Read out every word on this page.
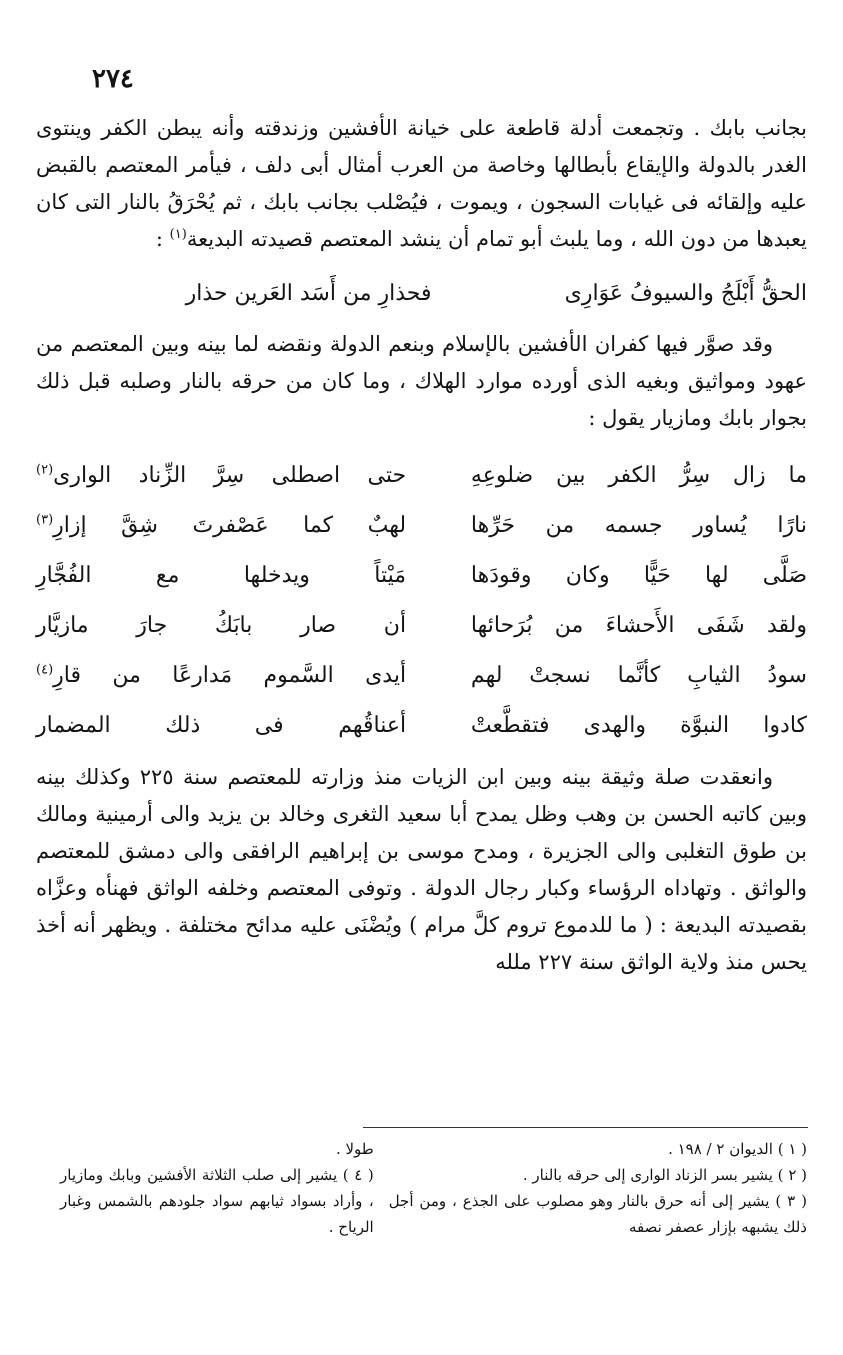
٢٧٤

بجانب بابك . وتجمعت أدلة قاطعة على خيانة الأفشين وزندقته وأنه يبطن الكفر وينتوى الغدر بالدولة والإيقاع بأبطالها وخاصة من العرب أمثال أبى دلف ، فيأمر المعتصم بالقبض عليه وإلقائه فى غيابات السجون ، ويموت ، فيُصْلب بجانب بابك ، ثم يُحْرَقُ بالنار التى كان يعبدها من دون الله ، وما يلبث أبو تمام أن ينشد المعتصم قصيدته البديعة$^{(١)}$ :

الحقُّ أَبْلَجُ والسيوفُ عَوَارِى
فحذارِ من أَسَد العَرين حذار

وقد صوَّر فيها كفران الأفشين بالإسلام وبنعم الدولة ونقضه لما بينه وبين المعتصم من عهود ومواثيق وبغيه الذى أورده موارد الهلاك ، وما كان من حرقه بالنار وصلبه قبل ذلك بجوار بابك ومازيار يقول :

ما زال سِرُّ الكفر بين ضلوعِهِ
حتى اصطلى سِرَّ الزِّناد الوارى$^{(٢)}$
نارًا يُساور جسمه من حَرِّها
لهبٌ كما عَصْفرتَ شِقَّ إزارِ$^{(٣)}$
صَلَّى لها حَيًّا وكان وقودَها
مَيْتاً ويدخلها مع الفُجَّارِ
ولقد شَفَى الأَحشاءَ من بُرَحائها
أن صار بابَكُ جارَ مازيَّار
سودُ الثيابِ كأنَّما نسجتْ لهم
أيدى السَّموم مَدارعًا من قارِ$^{(٤)}$
كادوا النبوَّة والهدى فتقطَّعتْ
أعناقُهم فى ذلك المضمار

وانعقدت صلة وثيقة بينه وبين ابن الزيات منذ وزارته للمعتصم سنة ٢٢٥ وكذلك بينه وبين كاتبه الحسن بن وهب وظل يمدح أبا سعيد الثغرى وخالد بن يزيد والى أرمينية ومالك بن طوق التغلبى والى الجزيرة ، ومدح موسى بن إبراهيم الرافقى والى دمشق للمعتصم والواثق . وتهاداه الرؤساء وكبار رجال الدولة . وتوفى المعتصم وخلفه الواثق فهنأه وعزَّاه بقصيدته البديعة : ( ما للدموع تروم كلَّ مرام ) ويُضْنَى عليه مدائح مختلفة . ويظهر أنه أخذ يحس منذ ولاية الواثق سنة ٢٢٧ ملله

( ١ ) الديوان ٢ / ١٩٨ .

( ٢ ) يشير بسر الزناد الوارى إلى حرقه بالنار .

( ٣ ) يشير إلى أنه حرق بالنار وهو مصلوب على الجذع ، ومن أجل ذلك يشبهه بإزار عصفر نصفه

طولا .

( ٤ ) يشير إلى صلب الثلاثة الأفشين وبابك ومازيار ، وأراد بسواد ثيابهم سواد جلودهم بالشمس وغبار الرياح .
